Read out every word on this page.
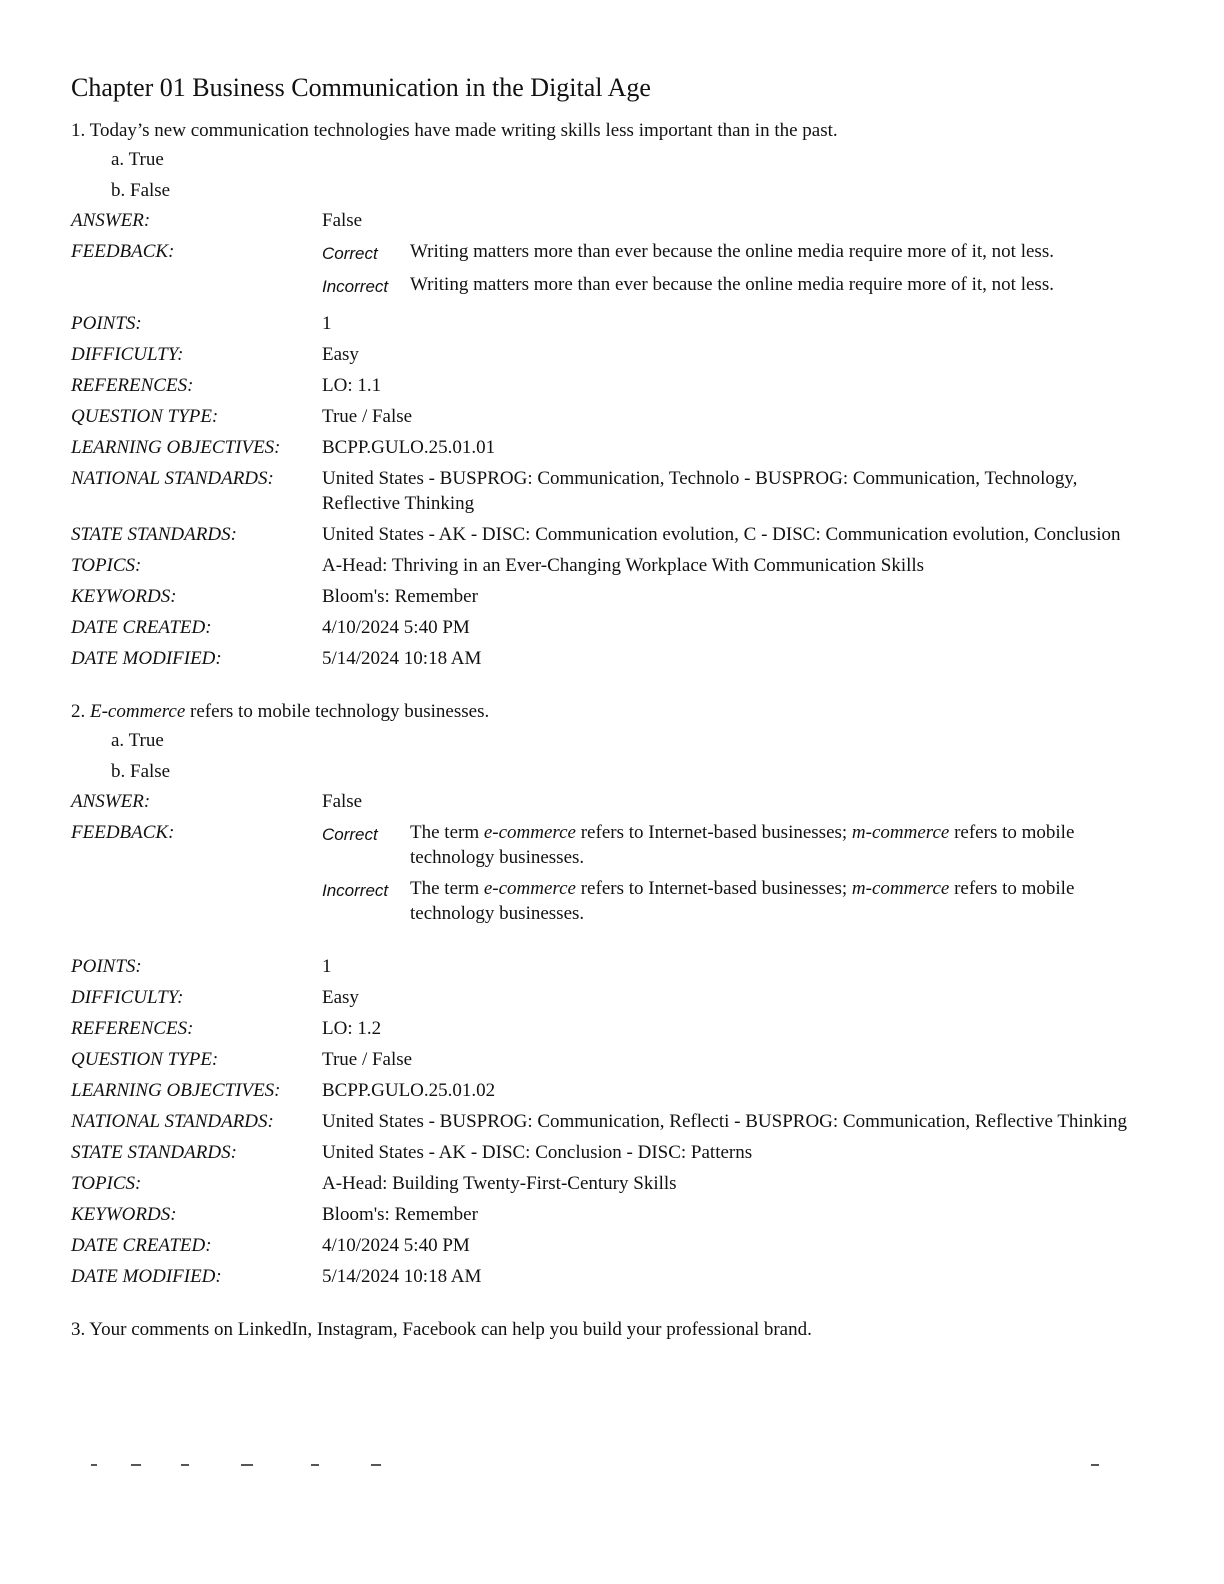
Chapter 01 Business Communication in the Digital Age
1. Today’s new communication technologies have made writing skills less important than in the past.
a. True
b. False
ANSWER:	False
FEEDBACK:	Correct	Writing matters more than ever because the online media require more of it, not less.
Incorrect	Writing matters more than ever because the online media require more of it, not less.
POINTS:	1
DIFFICULTY:	Easy
REFERENCES:	LO: 1.1
QUESTION TYPE:	True / False
LEARNING OBJECTIVES:	BCPP.GULO.25.01.01
NATIONAL STANDARDS:	United States - BUSPROG: Communication, Technolo - BUSPROG: Communication, Technology, Reflective Thinking
STATE STANDARDS:	United States - AK - DISC: Communication evolution, C - DISC: Communication evolution, Conclusion
TOPICS:	A-Head: Thriving in an Ever-Changing Workplace With Communication Skills
KEYWORDS:	Bloom's: Remember
DATE CREATED:	4/10/2024 5:40 PM
DATE MODIFIED:	5/14/2024 10:18 AM
2. E-commerce refers to mobile technology businesses.
a. True
b. False
ANSWER:	False
FEEDBACK:	Correct	The term e-commerce refers to Internet-based businesses; m-commerce refers to mobile technology businesses.
Incorrect	The term e-commerce refers to Internet-based businesses; m-commerce refers to mobile technology businesses.
POINTS:	1
DIFFICULTY:	Easy
REFERENCES:	LO: 1.2
QUESTION TYPE:	True / False
LEARNING OBJECTIVES:	BCPP.GULO.25.01.02
NATIONAL STANDARDS:	United States - BUSPROG: Communication, Reflecti - BUSPROG: Communication, Reflective Thinking
STATE STANDARDS:	United States - AK - DISC: Conclusion - DISC: Patterns
TOPICS:	A-Head: Building Twenty-First-Century Skills
KEYWORDS:	Bloom's: Remember
DATE CREATED:	4/10/2024 5:40 PM
DATE MODIFIED:	5/14/2024 10:18 AM
3. Your comments on LinkedIn, Instagram, Facebook can help you build your professional brand.
